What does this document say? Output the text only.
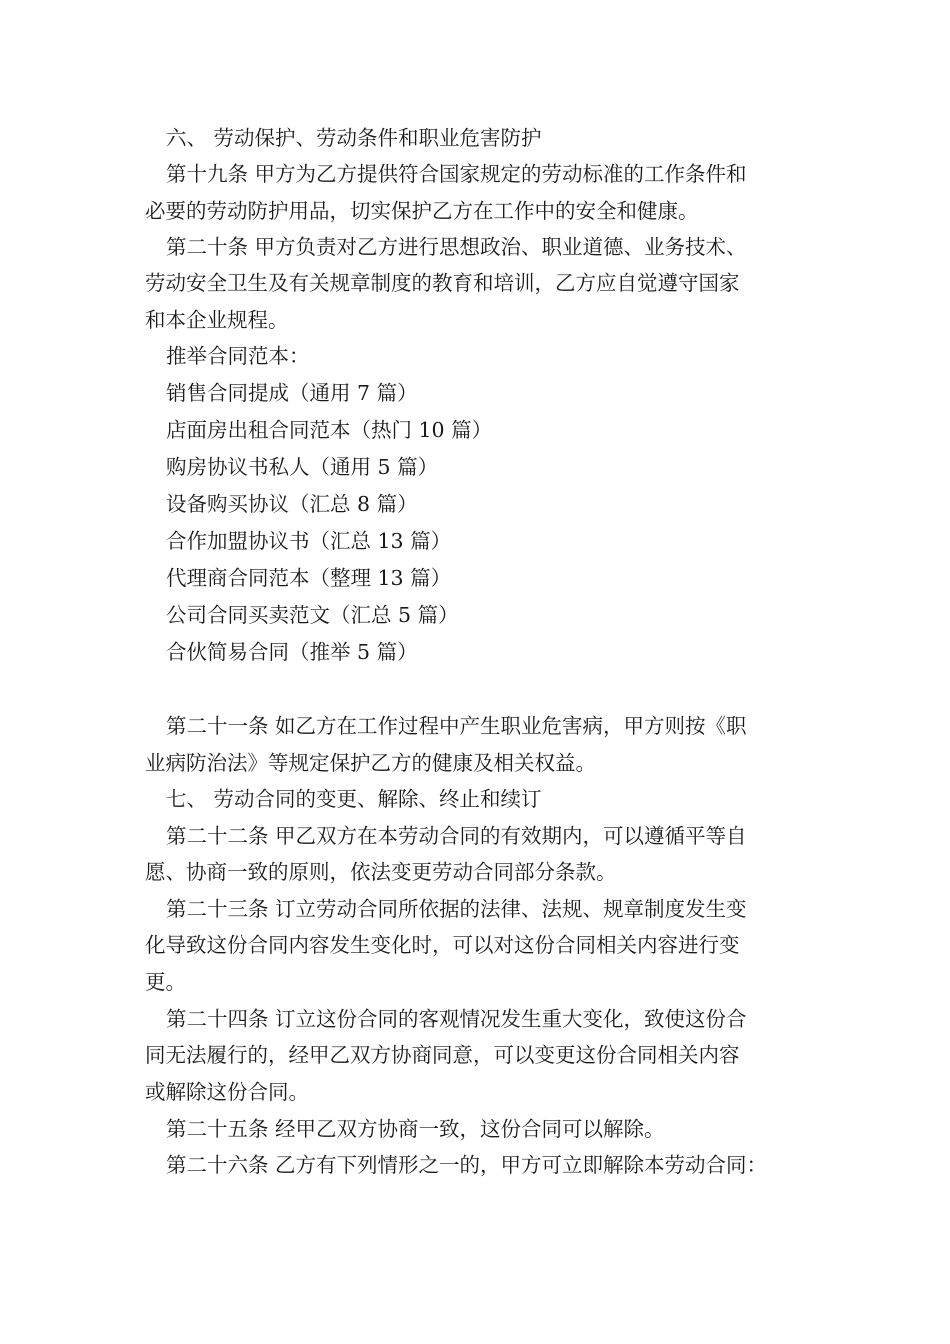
六、 劳动保护、劳动条件和职业危害防护
第十九条 甲方为乙方提供符合国家规定的劳动标准的工作条件和
必要的劳动防护用品，切实保护乙方在工作中的安全和健康。
第二十条 甲方负责对乙方进行思想政治、职业道德、业务技术、
劳动安全卫生及有关规章制度的教育和培训，乙方应自觉遵守国家
和本企业规程。
推举合同范本：
销售合同提成（通用 7 篇）
店面房出租合同范本（热门 10 篇）
购房协议书私人（通用 5 篇）
设备购买协议（汇总 8 篇）
合作加盟协议书（汇总 13 篇）
代理商合同范本（整理 13 篇）
公司合同买卖范文（汇总 5 篇）
合伙简易合同（推举 5 篇）
第二十一条 如乙方在工作过程中产生职业危害病，甲方则按《职
业病防治法》等规定保护乙方的健康及相关权益。
七、 劳动合同的变更、解除、终止和续订
第二十二条 甲乙双方在本劳动合同的有效期内，可以遵循平等自
愿、协商一致的原则，依法变更劳动合同部分条款。
第二十三条 订立劳动合同所依据的法律、法规、规章制度发生变
化导致这份合同内容发生变化时，可以对这份合同相关内容进行变
更。
第二十四条 订立这份合同的客观情况发生重大变化，致使这份合
同无法履行的，经甲乙双方协商同意，可以变更这份合同相关内容
或解除这份合同。
第二十五条 经甲乙双方协商一致，这份合同可以解除。
第二十六条 乙方有下列情形之一的，甲方可立即解除本劳动合同：
